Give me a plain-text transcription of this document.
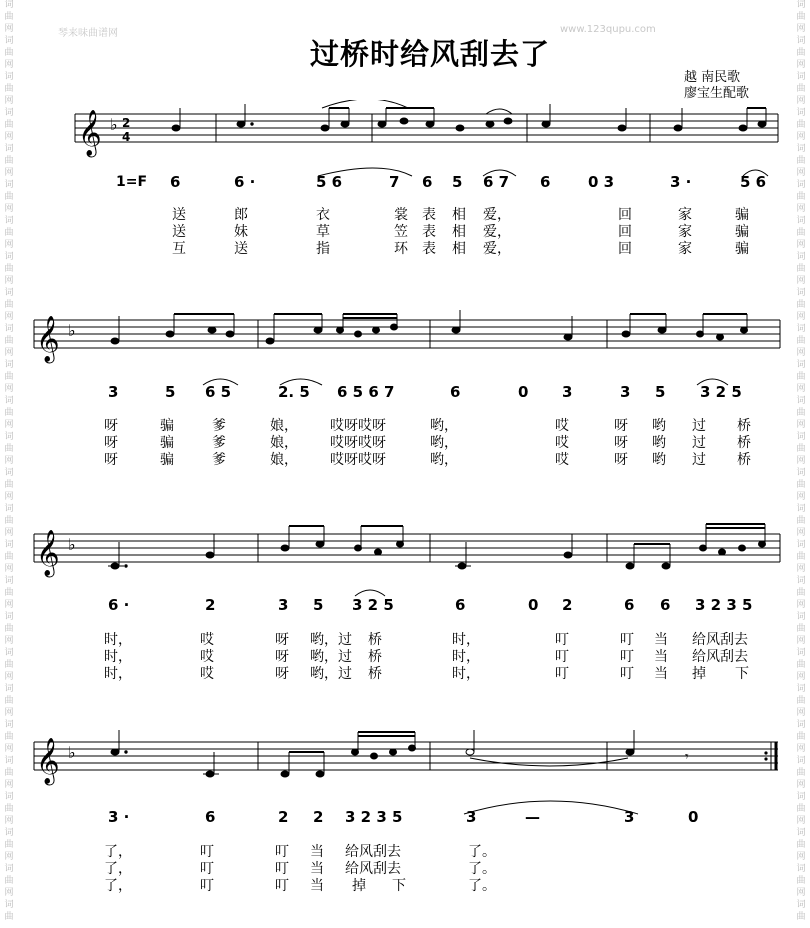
词
曲
网
词
曲
网
词
曲
网
词
曲
网
词
曲
网
词
曲
网
词
曲
网
词
曲
网
词
曲
网
词
曲
网
词
曲
网
词
曲
网
词
曲
网
词
曲
网
词
曲
网
词
曲
网
词
曲
网
词
曲
网
词
曲
网
词
曲
网
词
曲
网
词
曲
网
词
曲
网
词
曲
网
词
曲
网
词
曲
词
曲
网
词
曲
网
词
曲
网
词
曲
网
词
曲
网
词
曲
网
词
曲
网
词
曲
网
词
曲
网
词
曲
网
词
曲
网
词
曲
网
词
曲
网
词
曲
网
词
曲
网
词
曲
网
词
曲
网
词
曲
网
词
曲
网
词
曲
网
词
曲
网
词
曲
网
词
曲
网
词
曲
网
词
曲
网
词
曲
琴来味曲谱网	www.123qupu.com
过桥时给风刮去了
越 南民歌
廖宝生配歌
𝄞 ♭ 2
4
1=F 6	6 ·	5 6	7 6 5 6 7 6	0 3	3 ·	5 6
送	郎	衣	裳 表 相 爱，	回	家	骗
送	妹	草	笠 表 相 爱，	回	家	骗
互	送	指	环 表 相 爱，	回	家	骗
𝄞 ♭
3	5 6 5	2. 5 6 5 6 7	6	0 3	3 5 3 2 5
呀	骗	爹	娘， 哎呀哎呀	哟，	哎	呀 哟 过 桥
呀	骗	爹	娘， 哎呀哎呀	哟，	哎	呀 哟 过 桥
呀	骗	爹	娘， 哎呀哎呀	哟，	哎	呀 哟 过 桥
𝄞 ♭
6 ·	2	3 5 3 2 5	6	0 2	6 6 3 2 3 5
时，	哎	呀 哟，过 桥	时，	叮	叮 当 给风刮去
时，	哎	呀 哟，过 桥	时，	叮	叮 当 给风刮去
时，	哎	呀 哟，过 桥	时，	叮	叮 当 掉 下
𝄞 ♭	𝄾
3 ·	6	2 2 3 2 3 5	3	—	3	0
了，	叮	叮 当 给风刮去	了。
了，	叮	叮 当 给风刮去	了。
了，	叮	叮 当 掉 下	了。
